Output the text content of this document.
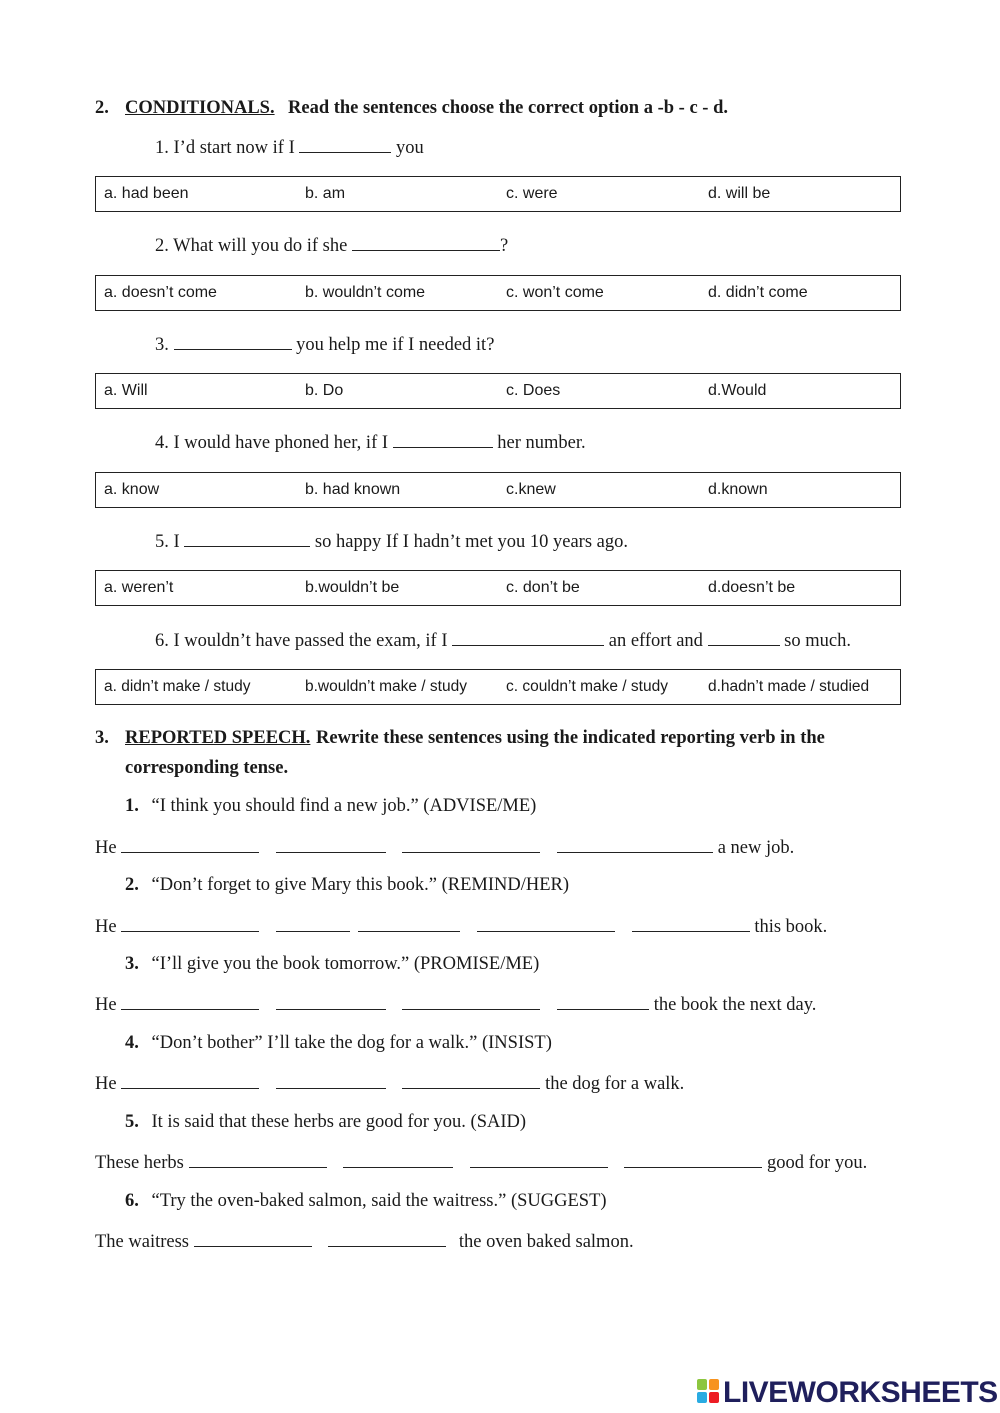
2. CONDITIONALS. Read the sentences choose the correct option a -b - c - d.
1. I’d start now if I	you
a. had been	b. am	c. were	d. will be
2. What will you do if she	?
a. doesn’t come	b. wouldn’t come	c. won’t come	d. didn’t come
3.	you help me if I needed it?
a. Will	b. Do	c. Does	d.Would
4. I would have phoned her, if I	her number.
a. know	b. had known	c.knew	d.known
5. I	so happy If I hadn’t met you 10 years ago.
a. weren’t	b.wouldn’t be	c. don’t be	d.doesn’t be
6. I wouldn’t have passed the exam, if I	an effort and	so much.
a. didn’t make / study	b.wouldn’t make / study	c. couldn’t make / study	d.hadn’t made / studied
3. REPORTED SPEECH. Rewrite these sentences using the indicated reporting verb in the
corresponding tense.
1. “I think you should find a new job.” (ADVISE/ME)
He	a new job.
2. “Don’t forget to give Mary this book.” (REMIND/HER)
He	this book.
3. “I’ll give you the book tomorrow.” (PROMISE/ME)
He	the book the next day.
4. “Don’t bother” I’ll take the dog for a walk.” (INSIST)
He	the dog for a walk.
5. It is said that these herbs are good for you. (SAID)
These herbs	good for you.
6. “Try the oven-baked salmon, said the waitress.” (SUGGEST)
The waitress	the oven baked salmon.
LIVEWORKSHEETS
